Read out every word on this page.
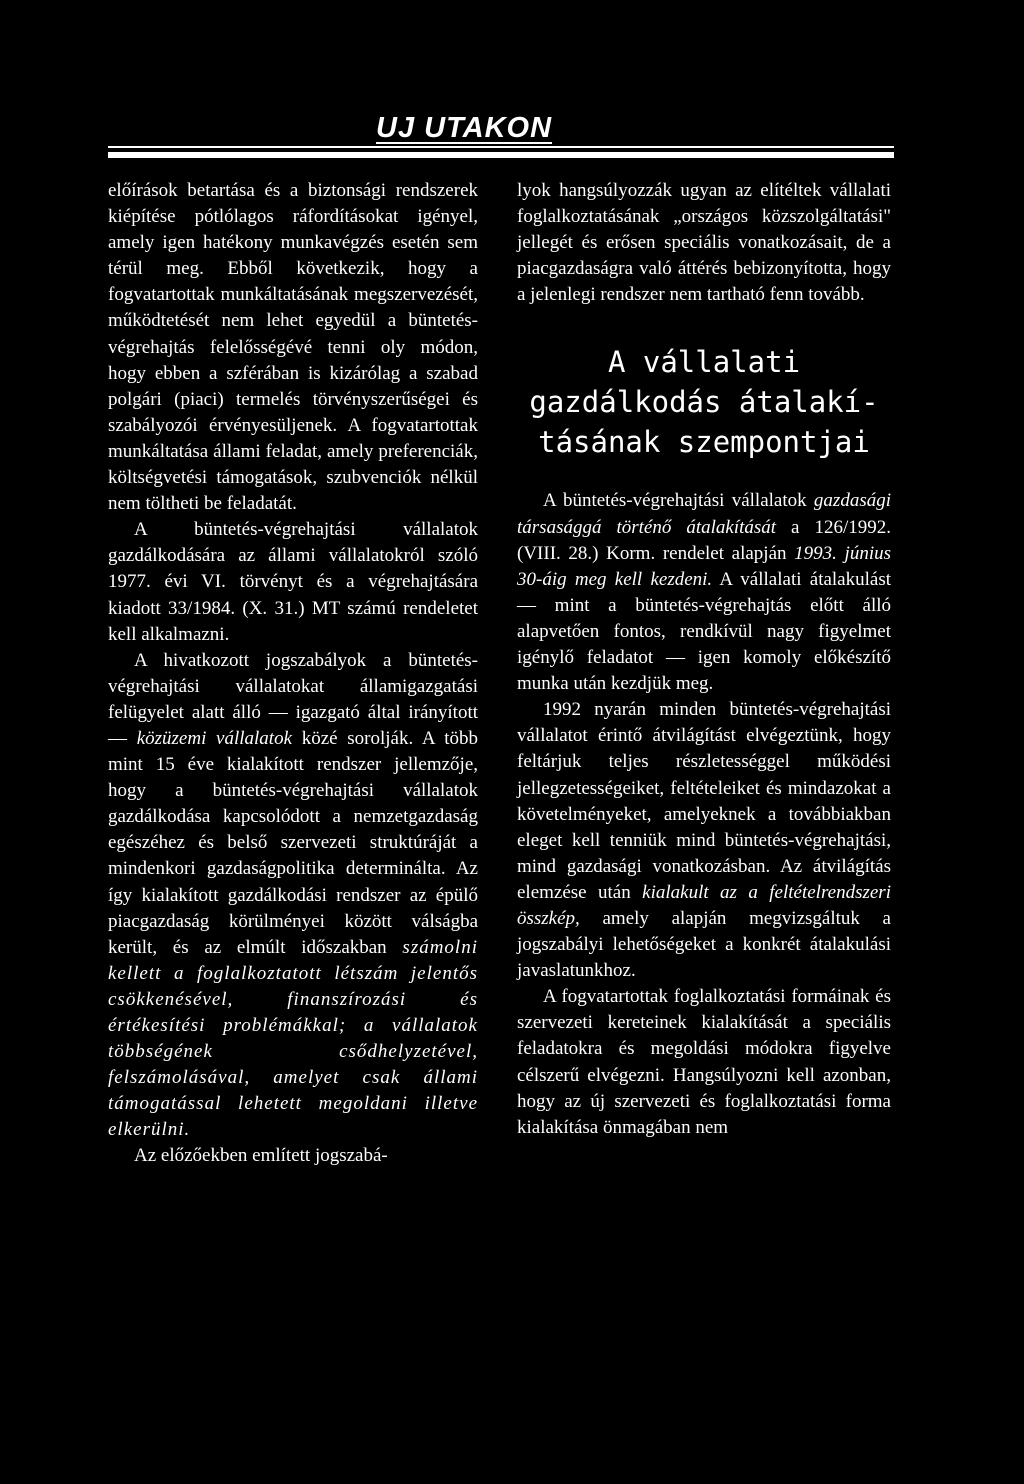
UJ UTAKON

előírások betartása és a biztonsági rendszerek kiépítése pótlólagos ráfordításokat igényel, amely igen hatékony munkavégzés esetén sem térül meg. Ebből következik, hogy a fogvatartottak munkáltatásának megszervezését, működtetését nem lehet egyedül a büntetés-végrehajtás felelősségévé tenni oly módon, hogy ebben a szférában is kizárólag a szabad polgári (piaci) termelés törvényszerűségei és szabályozói érvényesüljenek. A fogvatartottak munkáltatása állami feladat, amely preferenciák, költségvetési támogatások, szubvenciók nélkül nem töltheti be feladatát.

A büntetés-végrehajtási vállalatok gazdálkodására az állami vállalatokról szóló 1977. évi VI. törvényt és a végrehajtására kiadott 33/1984. (X. 31.) MT számú rendeletet kell alkalmazni.

A hivatkozott jogszabályok a büntetés-végrehajtási vállalatokat államigazgatási felügyelet alatt álló — igazgató által irányított — közüzemi vállalatok közé sorolják. A több mint 15 éve kialakított rendszer jellemzője, hogy a büntetés-végrehajtási vállalatok gazdálkodása kapcsolódott a nemzetgazdaság egészéhez és belső szervezeti struktúráját a mindenkori gazdaságpolitika determinálta. Az így kialakított gazdálkodási rendszer az épülő piacgazdaság körülményei között válságba került, és az elmúlt időszakban számolni kellett a foglalkoztatott létszám jelentős csökkenésével, finanszírozási és értékesítési problémákkal; a vállalatok többségének csődhelyzetével, felszámolásával, amelyet csak állami támogatással lehetett megoldani illetve elkerülni.

Az előzőekben említett jogszabá-

lyok hangsúlyozzák ugyan az elítéltek vállalati foglalkoztatásának „országos közszolgáltatási" jellegét és erősen speciális vonatkozásait, de a piacgazdaságra való áttérés bebizonyította, hogy a jelenlegi rendszer nem tartható fenn tovább.

A vállalati
gazdálkodás átalakí-
tásának szempontjai

A büntetés-végrehajtási vállalatok gazdasági társasággá történő átalakítását a 126/1992. (VIII. 28.) Korm. rendelet alapján 1993. június 30-áig meg kell kezdeni. A vállalati átalakulást — mint a büntetés-végrehajtás előtt álló alapvetően fontos, rendkívül nagy figyelmet igénylő feladatot — igen komoly előkészítő munka után kezdjük meg.

1992 nyarán minden büntetés-végrehajtási vállalatot érintő átvilágítást elvégeztünk, hogy feltárjuk teljes részletességgel működési jellegzetességeiket, feltételeiket és mindazokat a követelményeket, amelyeknek a továbbiakban eleget kell tenniük mind büntetés-végrehajtási, mind gazdasági vonatkozásban. Az átvilágítás elemzése után kialakult az a feltételrendszeri összkép, amely alapján megvizsgáltuk a jogszabályi lehetőségeket a konkrét átalakulási javaslatunkhoz.

A fogvatartottak foglalkoztatási formáinak és szervezeti kereteinek kialakítását a speciális feladatokra és megoldási módokra figyelve célszerű elvégezni. Hangsúlyozni kell azonban, hogy az új szervezeti és foglalkoztatási forma kialakítása önmagában nem
